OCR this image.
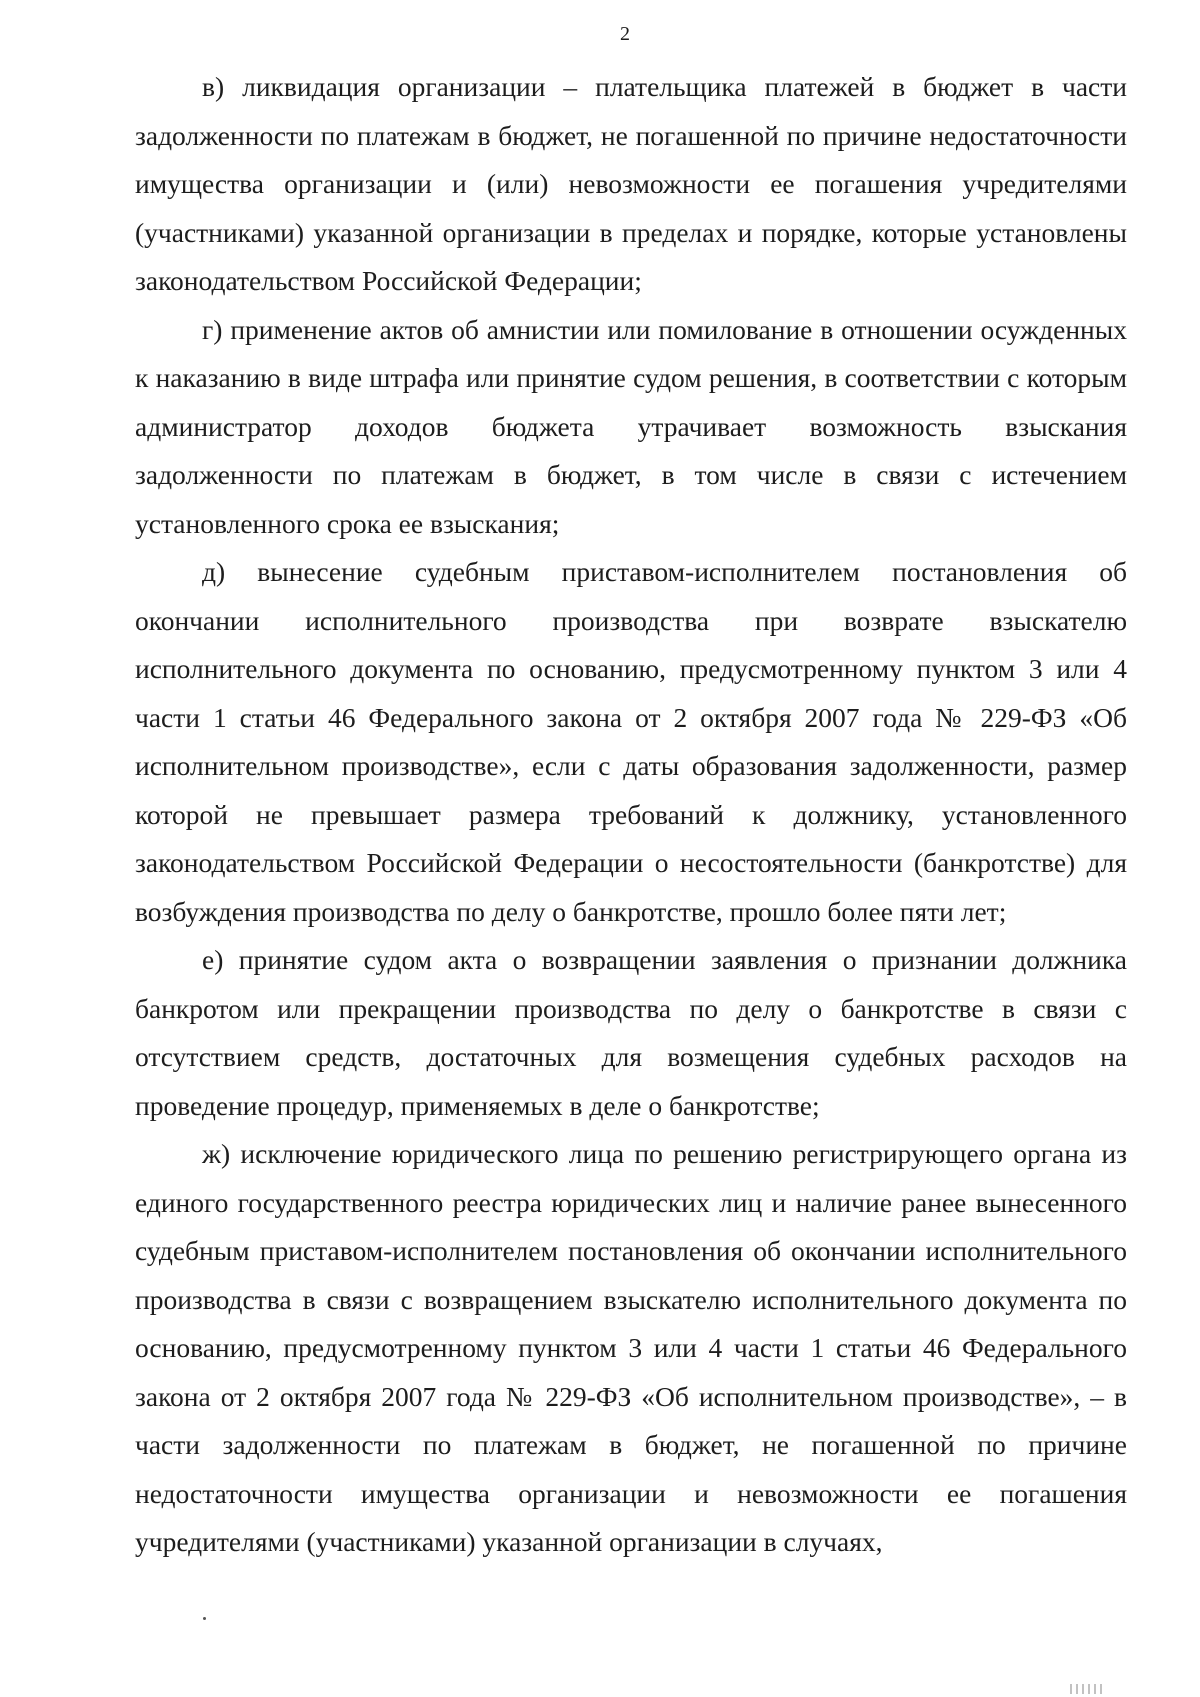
2

в) ликвидация организации – плательщика платежей в бюджет в части задолженности по платежам в бюджет, не погашенной по причине недостаточности имущества организации и (или) невозможности ее погашения учредителями (участниками) указанной организации в пределах и порядке, которые установлены законодательством Российской Федерации;

г) применение актов об амнистии или помилование в отношении осужденных к наказанию в виде штрафа или принятие судом решения, в соответствии с которым администратор доходов бюджета утрачивает возможность взыскания задолженности по платежам в бюджет, в том числе в связи с истечением установленного срока ее взыскания;

д) вынесение судебным приставом-исполнителем постановления об окончании исполнительного производства при возврате взыскателю исполнительного документа по основанию, предусмотренному пунктом 3 или 4 части 1 статьи 46 Федерального закона от 2 октября 2007 года № 229-ФЗ «Об исполнительном производстве», если с даты образования задолженности, размер которой не превышает размера требований к должнику, установленного законодательством Российской Федерации о несостоятельности (банкротстве) для возбуждения производства по делу о банкротстве, прошло более пяти лет;

е) принятие судом акта о возвращении заявления о признании должника банкротом или прекращении производства по делу о банкротстве в связи с отсутствием средств, достаточных для возмещения судебных расходов на проведение процедур, применяемых в деле о банкротстве;

ж) исключение юридического лица по решению регистрирующего органа из единого государственного реестра юридических лиц и наличие ранее вынесенного судебным приставом-исполнителем постановления об окончании исполнительного производства в связи с возвращением взыскателю исполнительного документа по основанию, предусмотренному пунктом 3 или 4 части 1 статьи 46 Федерального закона от 2 октября 2007 года № 229-ФЗ «Об исполнительном производстве», – в части задолженности по платежам в бюджет, не погашенной по причине недостаточности имущества организации и невозможности ее погашения учредителями (участниками) указанной организации в случаях,
